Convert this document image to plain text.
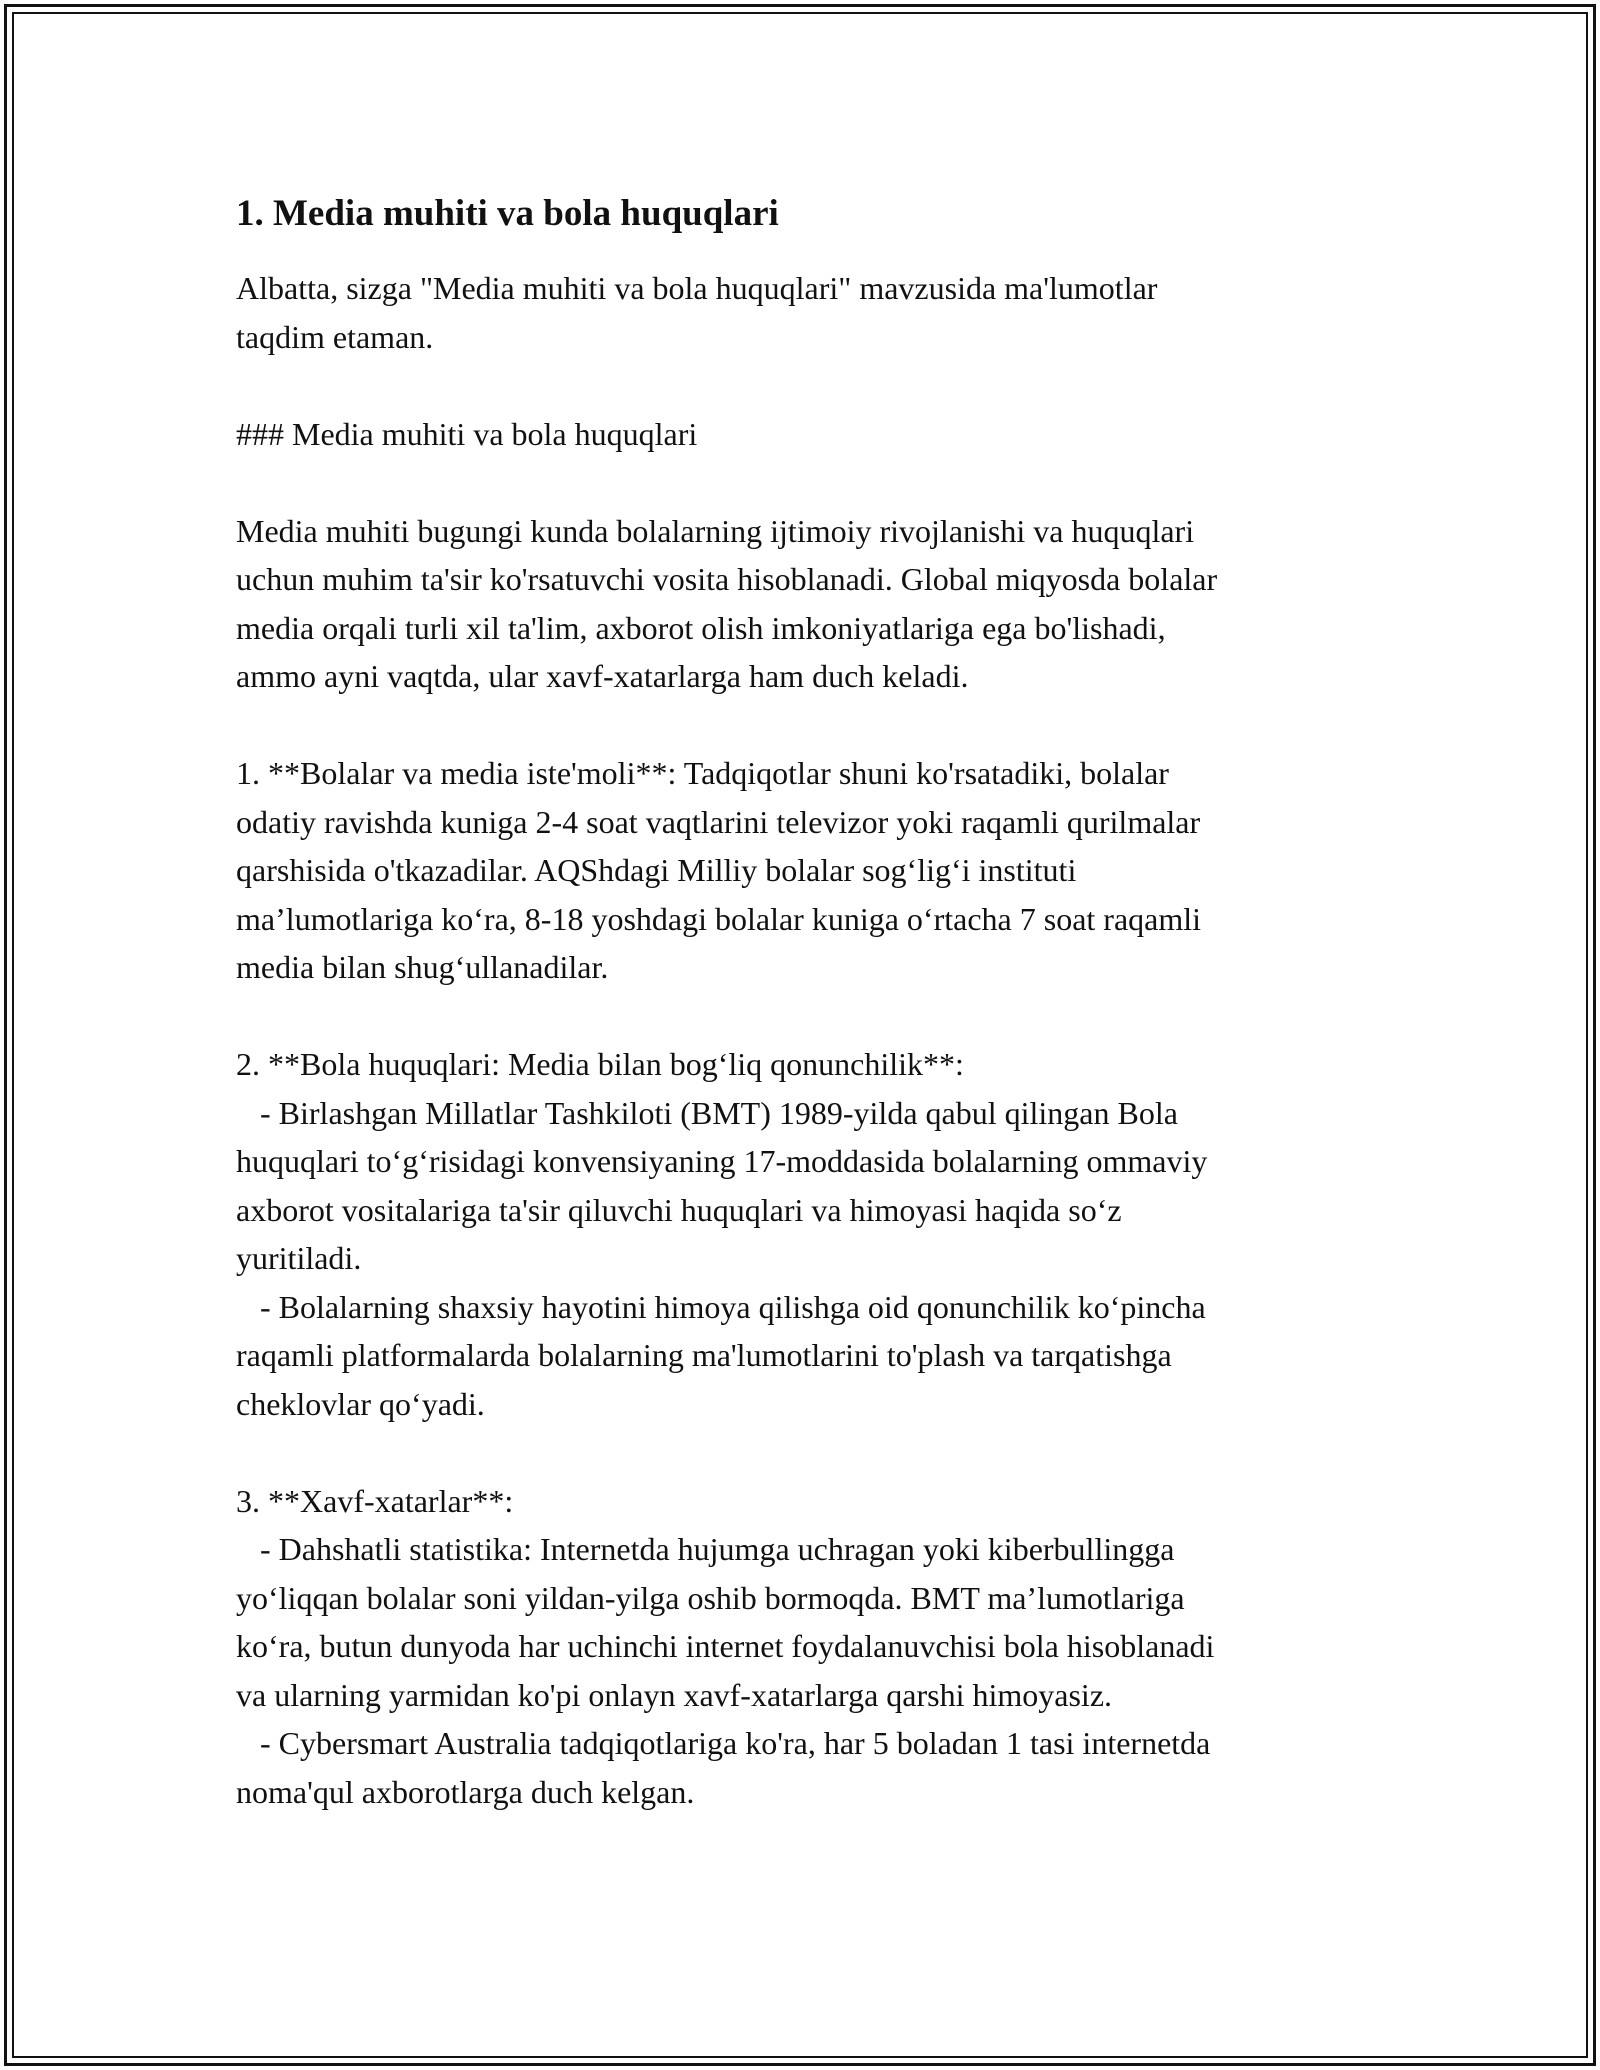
1. Media muhiti va bola huquqlari

Albatta, sizga "Media muhiti va bola huquqlari" mavzusida ma'lumotlar
taqdim etaman.

### Media muhiti va bola huquqlari

Media muhiti bugungi kunda bolalarning ijtimoiy rivojlanishi va huquqlari
uchun muhim ta'sir ko'rsatuvchi vosita hisoblanadi. Global miqyosda bolalar
media orqali turli xil ta'lim, axborot olish imkoniyatlariga ega bo'lishadi,
ammo ayni vaqtda, ular xavf-xatarlarga ham duch keladi.

1. **Bolalar va media iste'moli**: Tadqiqotlar shuni ko'rsatadiki, bolalar
odatiy ravishda kuniga 2-4 soat vaqtlarini televizor yoki raqamli qurilmalar
qarshisida o'tkazadilar. AQShdagi Milliy bolalar sog‘lig‘i instituti
ma’lumotlariga ko‘ra, 8-18 yoshdagi bolalar kuniga o‘rtacha 7 soat raqamli
media bilan shug‘ullanadilar.

2. **Bola huquqlari: Media bilan bog‘liq qonunchilik**:
- Birlashgan Millatlar Tashkiloti (BMT) 1989-yilda qabul qilingan Bola
huquqlari to‘g‘risidagi konvensiyaning 17-moddasida bolalarning ommaviy
axborot vositalariga ta'sir qiluvchi huquqlari va himoyasi haqida so‘z
yuritiladi.
- Bolalarning shaxsiy hayotini himoya qilishga oid qonunchilik ko‘pincha
raqamli platformalarda bolalarning ma'lumotlarini to'plash va tarqatishga
cheklovlar qo‘yadi.

3. **Xavf-xatarlar**:
- Dahshatli statistika: Internetda hujumga uchragan yoki kiberbullingga
yo‘liqqan bolalar soni yildan-yilga oshib bormoqda. BMT ma’lumotlariga
ko‘ra, butun dunyoda har uchinchi internet foydalanuvchisi bola hisoblanadi
va ularning yarmidan ko'pi onlayn xavf-xatarlarga qarshi himoyasiz.
- Cybersmart Australia tadqiqotlariga ko'ra, har 5 boladan 1 tasi internetda
noma'qul axborotlarga duch kelgan.
